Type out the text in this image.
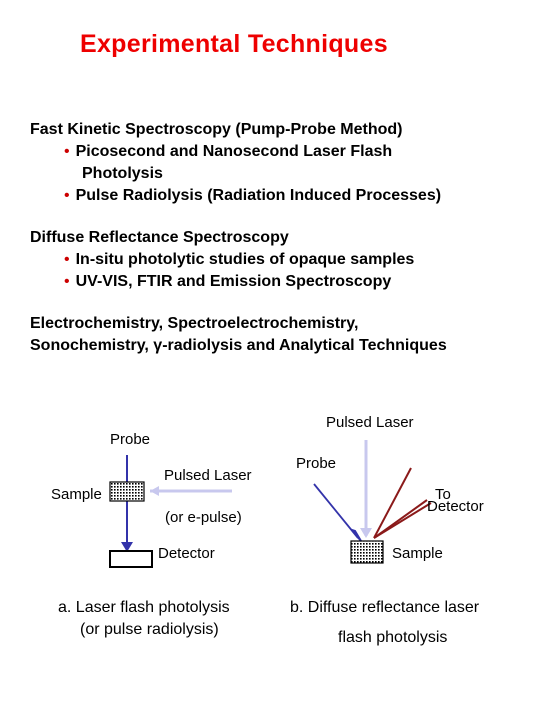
Experimental Techniques
Fast Kinetic Spectroscopy (Pump-Probe Method)
• Picosecond and Nanosecond Laser Flash
Photolysis
• Pulse Radiolysis (Radiation Induced Processes)
Diffuse Reflectance Spectroscopy
• In-situ photolytic studies of opaque samples
• UV-VIS, FTIR and Emission Spectroscopy
Electrochemistry, Spectroelectrochemistry,
Sonochemistry, γ-radiolysis and Analytical Techniques
Probe
Sample
Pulsed Laser
(or e-pulse)
Detector
a. Laser flash photolysis
(or pulse radiolysis)
Pulsed Laser
Probe
To
Detector
Sample
b. Diffuse reflectance laser
flash photolysis
